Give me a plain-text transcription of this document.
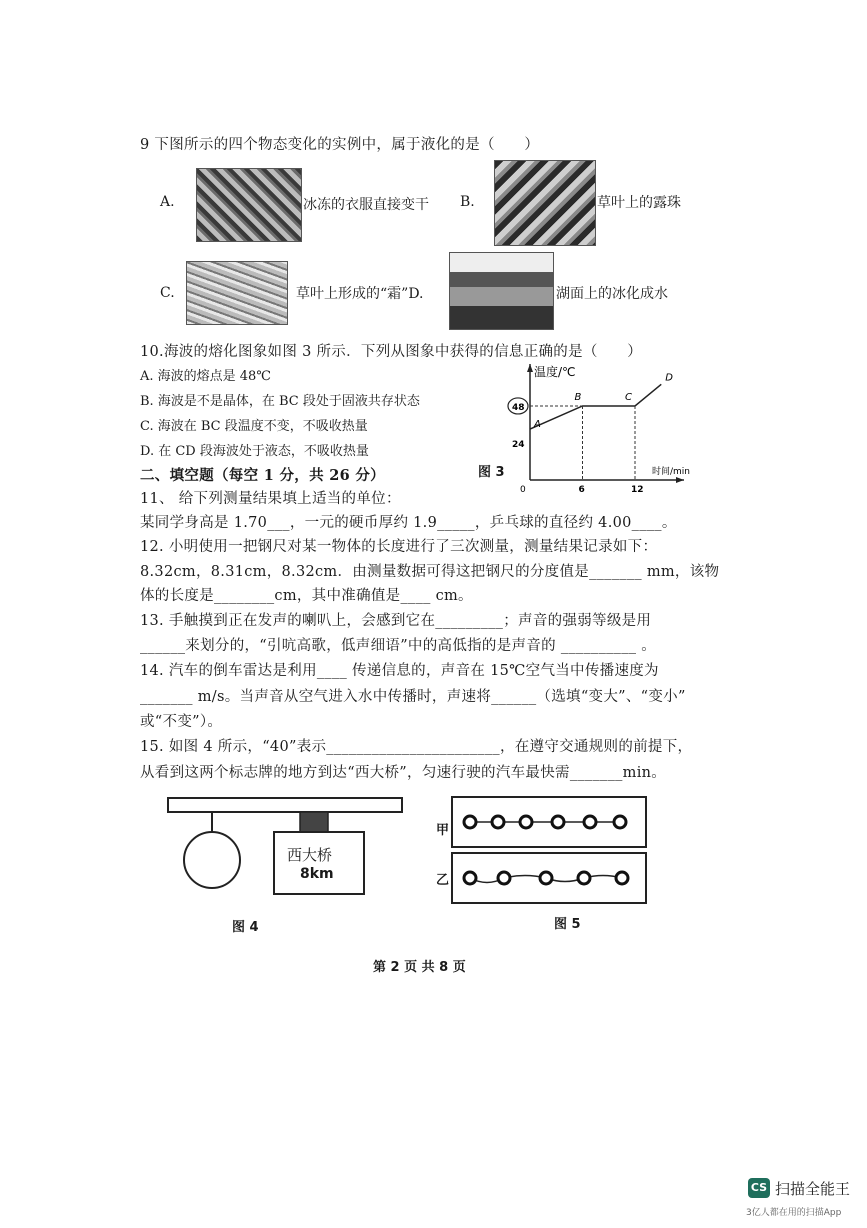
9 下图所示的四个物态变化的实例中，属于液化的是（　　）
A.	冰冻的衣服直接变干 B.	草叶上的露珠
C.	草叶上形成的“霜”D.	湖面上的冰化成水
10.海波的熔化图象如图 3 所示．下列从图象中获得的信息正确的是（　　）
A. 海波的熔点是 48℃
B. 海波是不是晶体，在 BC 段处于固液共存状态
C. 海波在 BC 段温度不变，不吸收热量
D. 在 CD 段海波处于液态，不吸收热量
二、填空题（每空 1 分，共 26 分）
温度/℃
时间/min
0
24
48
6	12
A
B	C
D
图 3
11、 给下列测量结果填上适当的单位：
某同学身高是 1.70___，一元的硬币厚约 1.9_____，乒乓球的直径约 4.00____。
12. 小明使用一把钢尺对某一物体的长度进行了三次测量，测量结果记录如下：
8.32cm，8.31cm，8.32cm．由测量数据可得这把钢尺的分度值是_______ mm，该物
体的长度是________cm，其中准确值是____ cm。
13. 手触摸到正在发声的喇叭上，会感到它在_________；声音的强弱等级是用
______来划分的，“引吭高歌，低声细语”中的高低指的是声音的 __________ 。
14. 汽车的倒车雷达是利用____ 传递信息的，声音在 15℃空气当中传播速度为
_______ m/s。当声音从空气进入水中传播时，声速将______（选填“变大”、“变小”
或“不变”）。
15. 如图 4 所示，“40”表示_______________________，在遵守交通规则的前提下，
从看到这两个标志牌的地方到达“西大桥”，匀速行驶的汽车最快需_______min。
西大桥
8km
图 4
甲
乙
图 5
第 2 页 共 8 页
CS 扫描全能王
3亿人都在用的扫描App
